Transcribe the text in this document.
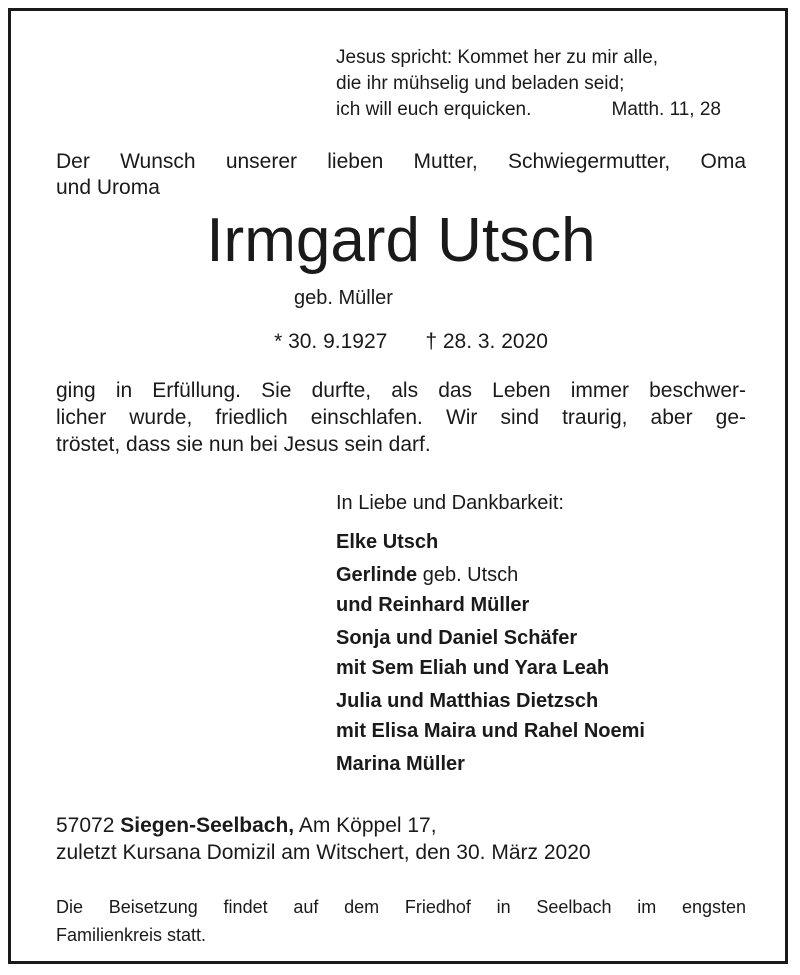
Jesus spricht: Kommet her zu mir alle,
die ihr mühselig und beladen seid;
ich will euch erquicken.	Matth. 11, 28
Der Wunsch unserer lieben Mutter, Schwiegermutter, Oma
und Uroma
Irmgard Utsch
geb. Müller
* 30. 9.1927 † 28. 3. 2020
ging in Erfüllung. Sie durfte, als das Leben immer beschwer-
licher wurde, friedlich einschlafen. Wir sind traurig, aber ge-
tröstet, dass sie nun bei Jesus sein darf.
In Liebe und Dankbarkeit:
Elke Utsch
Gerlinde geb. Utsch
und Reinhard Müller
Sonja und Daniel Schäfer
mit Sem Eliah und Yara Leah
Julia und Matthias Dietzsch
mit Elisa Maira und Rahel Noemi
Marina Müller
57072 Siegen-Seelbach, Am Köppel 17,
zuletzt Kursana Domizil am Witschert, den 30. März 2020
Die Beisetzung findet auf dem Friedhof in Seelbach im engsten
Familienkreis statt.
